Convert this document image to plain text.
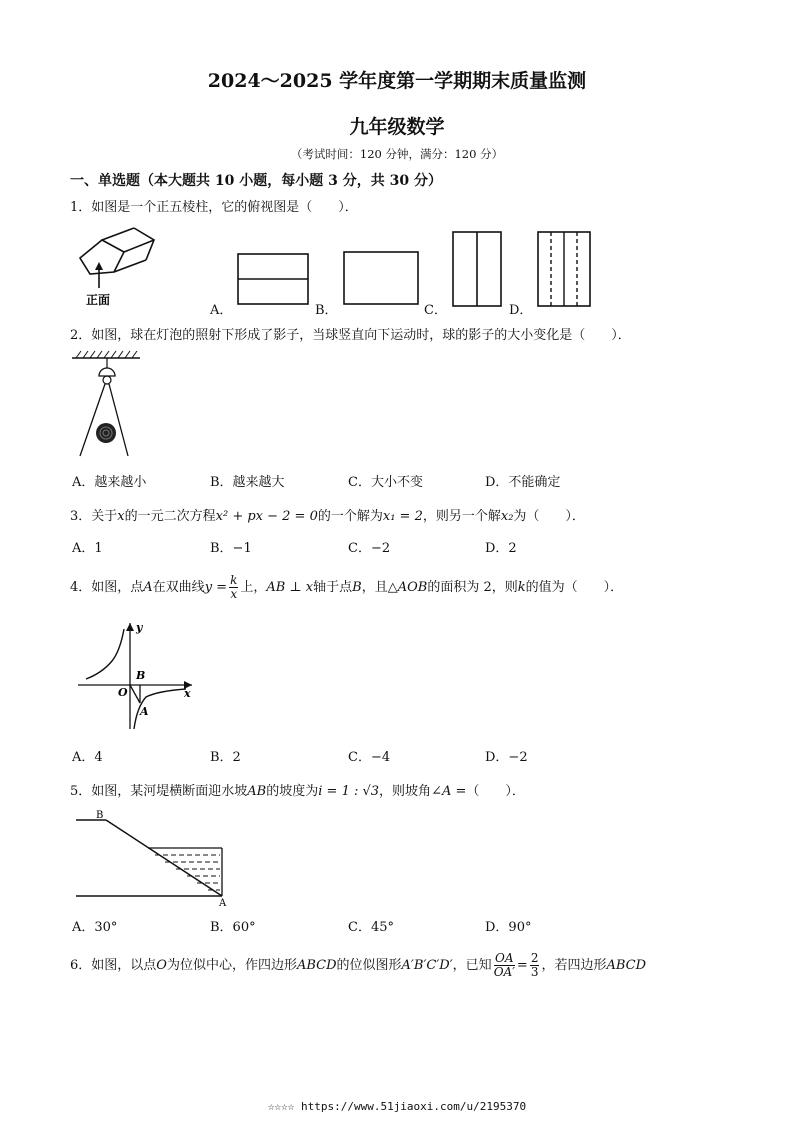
2024～2025 学年度第一学期期末质量监测
九年级数学
（考试时间：120 分钟，满分：120 分）
一、单选题（本大题共 10 小题，每小题 3 分，共 30 分）
1．如图是一个正五棱柱，它的俯视图是（　　）．
正面
A．	B．	C．	D．
2．如图，球在灯泡的照射下形成了影子，当球竖直向下运动时，球的影子的大小变化是（　　）．
A．越来越小	B．越来越大	C．大小不变	D．不能确定
3．关于x的一元二次方程x² + px − 2 = 0的一个解为x₁ = 2，则另一个解x₂为（　　）．
A．1	B．−1	C．−2	D．2
4．如图，点A在双曲线$y = \frac{k}{x}$ 上，AB ⊥ x轴于点B，且△AOB的面积为 2，则k的值为（　　）．
y
x
O
B
A
A．4	B．2	C．−4	D．−2
5．如图，某河堤横断面迎水坡AB的坡度为i = 1 : √3，则坡角∠A =（　　）．
B
A
A．30°	B．60°	C．45°	D．90°
6．如图，以点O为位似中心，作四边形ABCD的位似图形A′B′C′D′，已知 $\frac{OA}{OA'} = \frac{2}{3}$ ，若四边形ABCD
☆☆☆☆ https://www.51jiaoxi.com/u/2195370
